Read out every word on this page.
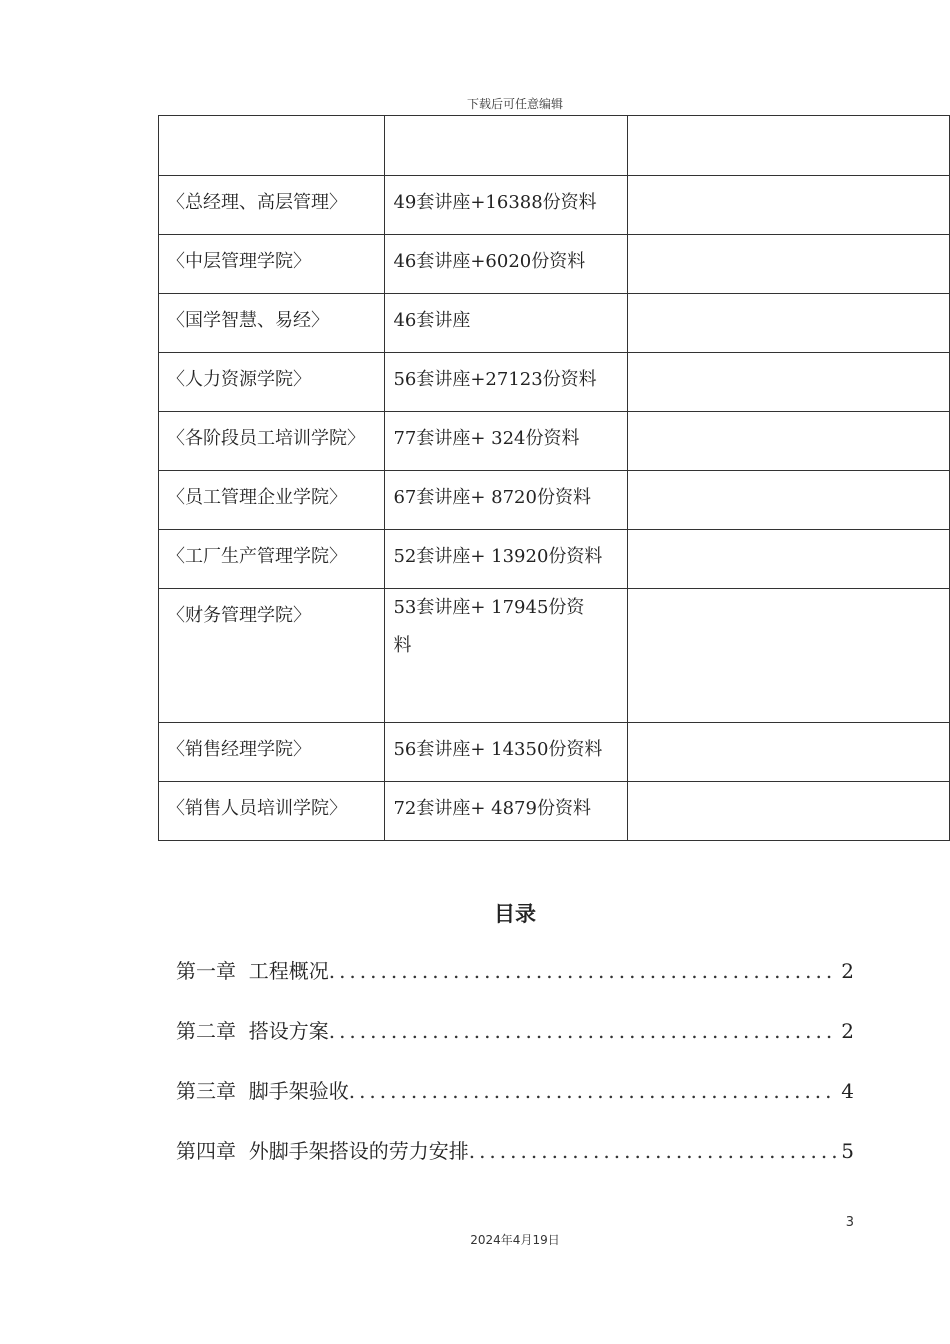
下载后可任意编辑

〈总经理、高层管理〉	49套讲座+16388份资料	
〈中层管理学院〉	46套讲座+6020份资料	
〈国学智慧、易经〉	46套讲座	
〈人力资源学院〉	56套讲座+27123份资料	
〈各阶段员工培训学院〉	77套讲座+ 324份资料	
〈员工管理企业学院〉	67套讲座+ 8720份资料	
〈工厂生产管理学院〉	52套讲座+ 13920份资料	
〈财务管理学院〉	53套讲座+ 17945份资料	
〈销售经理学院〉	56套讲座+ 14350份资料	
〈销售人员培训学院〉	72套讲座+ 4879份资料	
目录
第一章  工程概况 .....	2
第二章  搭设方案 .....	2
第三章  脚手架验收 .....	4
第四章  外脚手架搭设的劳力安排 .....	5
3
2024年4月19日
